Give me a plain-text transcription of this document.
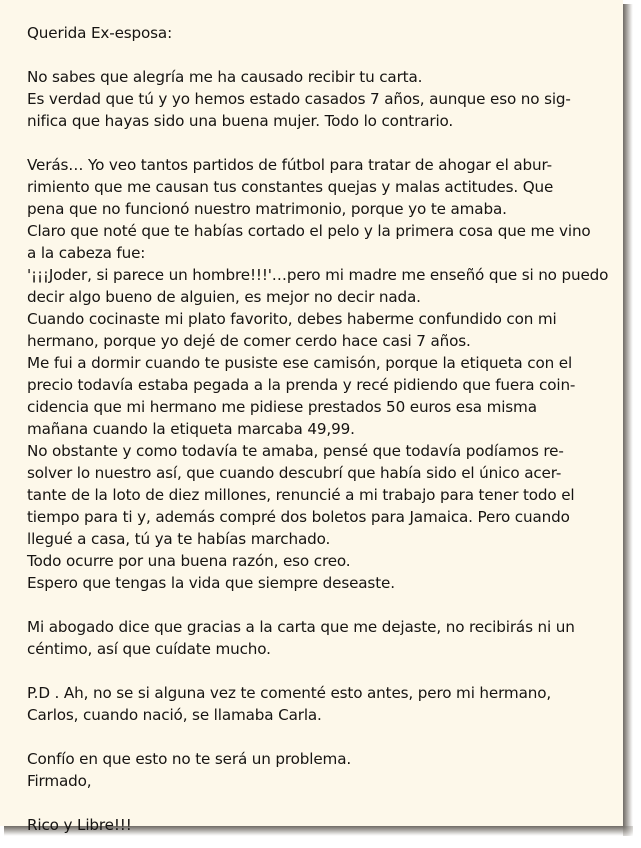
Querida Ex-esposa:

No sabes que alegría me ha causado recibir tu carta.
Es verdad que tú y yo hemos estado casados 7 años, aunque eso no sig-
nifica que hayas sido una buena mujer. Todo lo contrario.

Verás… Yo veo tantos partidos de fútbol para tratar de ahogar el abur-
rimiento que me causan tus constantes quejas y malas actitudes. Que
pena que no funcionó nuestro matrimonio, porque yo te amaba.
Claro que noté que te habías cortado el pelo y la primera cosa que me vino
a la cabeza fue:
'¡¡¡Joder, si parece un hombre!!!'…pero mi madre me enseñó que si no puedo
decir algo bueno de alguien, es mejor no decir nada.
Cuando cocinaste mi plato favorito, debes haberme confundido con mi
hermano, porque yo dejé de comer cerdo hace casi 7 años.
Me fui a dormir cuando te pusiste ese camisón, porque la etiqueta con el
precio todavía estaba pegada a la prenda y recé pidiendo que fuera coin-
cidencia que mi hermano me pidiese prestados 50 euros esa misma
mañana cuando la etiqueta marcaba 49,99.
No obstante y como todavía te amaba, pensé que todavía podíamos re-
solver lo nuestro así, que cuando descubrí que había sido el único acer-
tante de la loto de diez millones, renuncié a mi trabajo para tener todo el
tiempo para ti y, además compré dos boletos para Jamaica. Pero cuando
llegué a casa, tú ya te habías marchado.
Todo ocurre por una buena razón, eso creo.
Espero que tengas la vida que siempre deseaste.

Mi abogado dice que gracias a la carta que me dejaste, no recibirás ni un
céntimo, así que cuídate mucho.

P.D . Ah, no se si alguna vez te comenté esto antes, pero mi hermano,
Carlos, cuando nació, se llamaba Carla.

Confío en que esto no te será un problema.
Firmado,

Rico y Libre!!!
